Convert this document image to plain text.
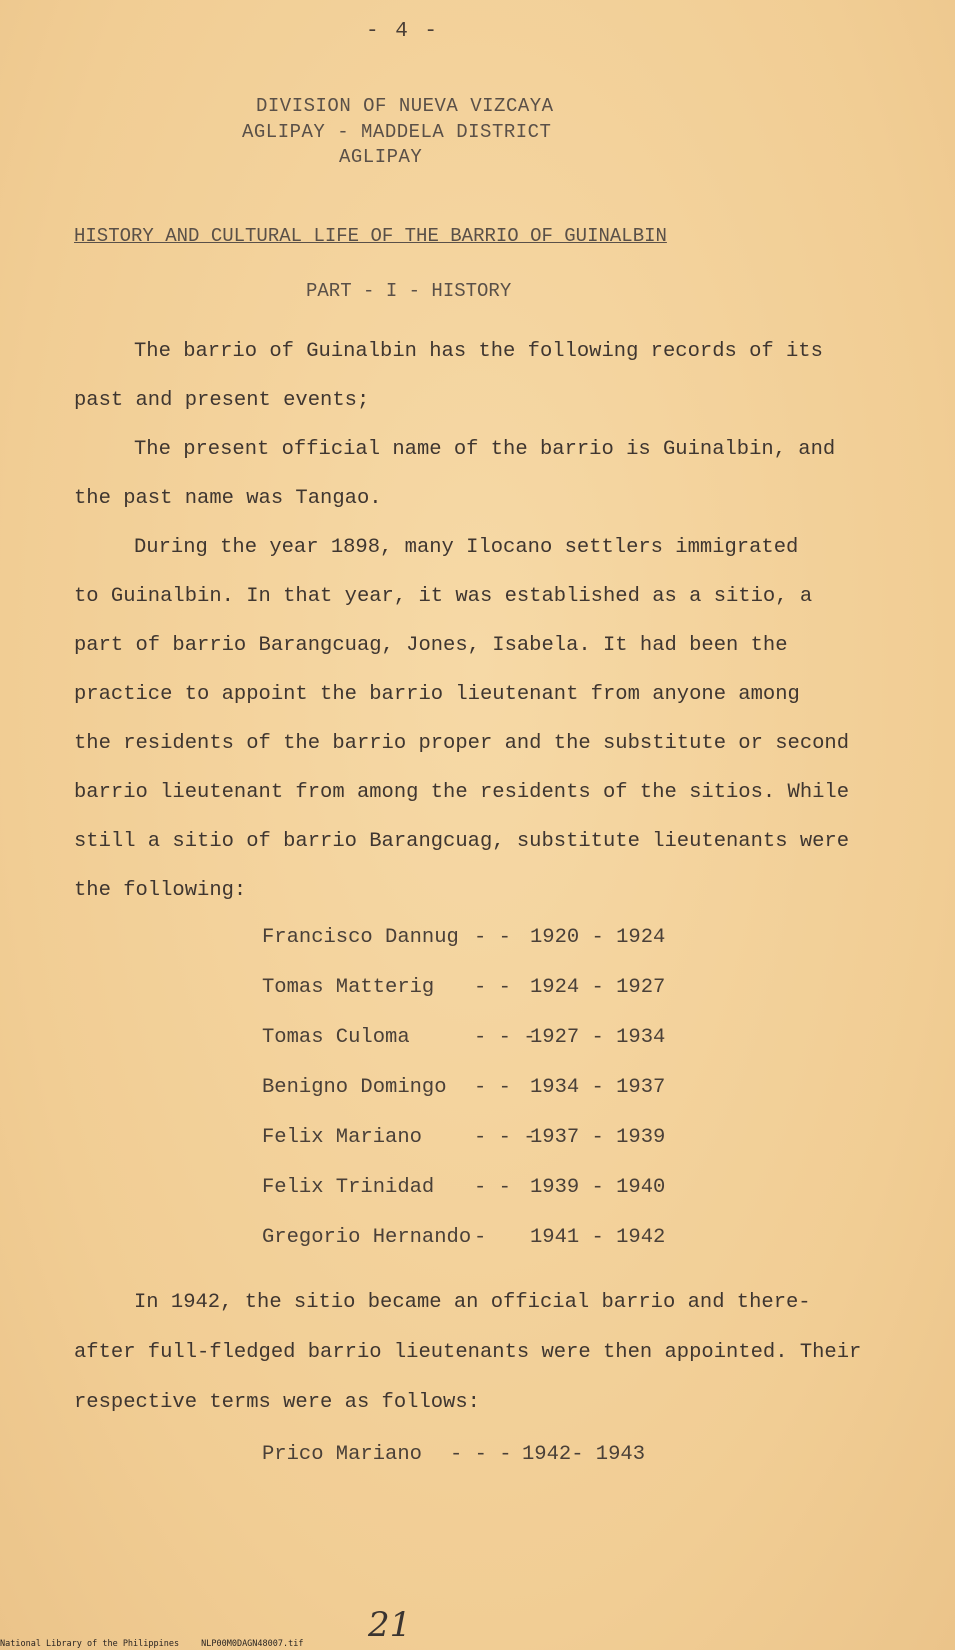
- 4 -
DIVISION OF NUEVA VIZCAYA
AGLIPAY - MADDELA DISTRICT
AGLIPAY
HISTORY AND CULTURAL LIFE OF THE BARRIO OF GUINALBIN
PART - I - HISTORY
The barrio of Guinalbin has the following records of its
past and present events;
The present official name of the barrio is Guinalbin, and
the past name was Tangao.
During the year 1898, many Ilocano settlers immigrated
to Guinalbin. In that year, it was established as a sitio, a
part of barrio Barangcuag, Jones, Isabela. It had been the
practice to appoint the barrio lieutenant from anyone among
the residents of the barrio proper and the substitute or second
barrio lieutenant from among the residents of the sitios. While
still a sitio of barrio Barangcuag, substitute lieutenants were
the following:
Francisco Dannug - - 1920 - 1924
Tomas Matterig - - 1924 - 1927
Tomas Culoma	- - -1927 - 1934
Benigno Domingo - - 1934 - 1937
Felix Mariano	- - -1937 - 1939
Felix Trinidad - - 1939 - 1940
Gregorio Hernando - 1941 - 1942
In 1942, the sitio became an official barrio and there-
after full-fledged barrio lieutenants were then appointed. Their
respective terms were as follows:
Prico Mariano - - - 1942- 1943
21
National Library of the Philippines	NLP00M0DAGN48007.tif
